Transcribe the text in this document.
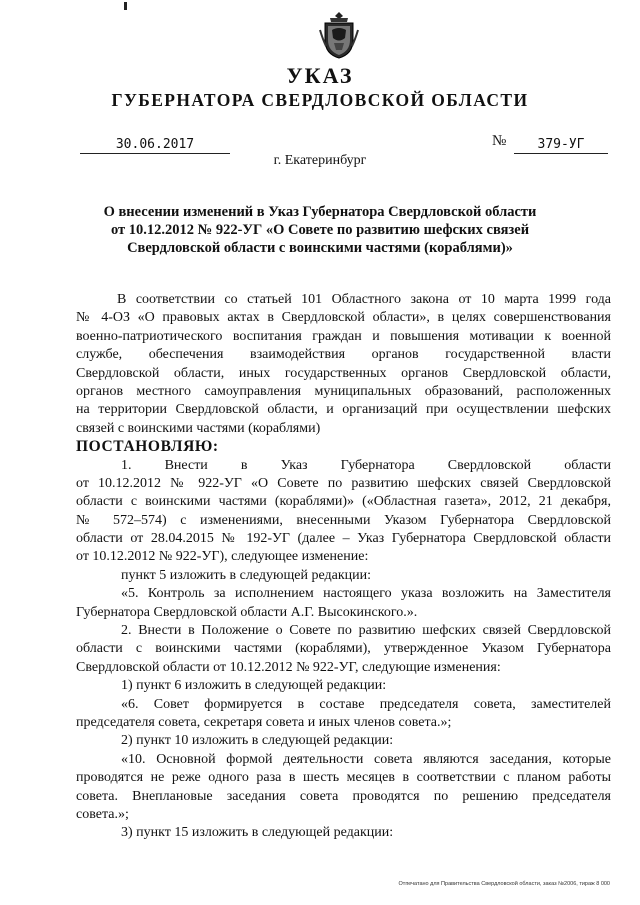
УКАЗ
ГУБЕРНАТОРА СВЕРДЛОВСКОЙ ОБЛАСТИ
30.06.2017	№	379-УГ
г. Екатеринбург
О внесении изменений в Указ Губернатора Свердловской области
от 10.12.2012 № 922-УГ «О Совете по развитию шефских связей
Свердловской области с воинскими частями (кораблями)»
В соответствии со статьей 101 Областного закона от 10 марта 1999 года
№ 4-ОЗ «О правовых актах в Свердловской области», в целях совершенствования
военно-патриотического воспитания граждан и повышения мотивации к военной
службе, обеспечения взаимодействия органов государственной власти
Свердловской области, иных государственных органов Свердловской области,
органов местного самоуправления муниципальных образований, расположенных
на территории Свердловской области, и организаций при осуществлении шефских
связей с воинскими частями (кораблями)
ПОСТАНОВЛЯЮ:
1. Внести в Указ Губернатора Свердловской области
от 10.12.2012 № 922-УГ «О Совете по развитию шефских связей Свердловской
области с воинскими частями (кораблями)» («Областная газета», 2012, 21 декабря,
№ 572–574) с изменениями, внесенными Указом Губернатора Свердловской
области от 28.04.2015 № 192-УГ (далее – Указ Губернатора Свердловской области
от 10.12.2012 № 922-УГ), следующее изменение:
пункт 5 изложить в следующей редакции:
«5. Контроль за исполнением настоящего указа возложить на Заместителя
Губернатора Свердловской области А.Г. Высокинского.».
2. Внести в Положение о Совете по развитию шефских связей Свердловской
области с воинскими частями (кораблями), утвержденное Указом Губернатора
Свердловской области от 10.12.2012 № 922-УГ, следующие изменения:
1) пункт 6 изложить в следующей редакции:
«6. Совет формируется в составе председателя совета, заместителей
председателя совета, секретаря совета и иных членов совета.»;
2) пункт 10 изложить в следующей редакции:
«10. Основной формой деятельности совета являются заседания, которые
проводятся не реже одного раза в шесть месяцев в соответствии с планом работы
совета. Внеплановые заседания совета проводятся по решению председателя
совета.»;
3) пункт 15 изложить в следующей редакции:
Отпечатано для Правительства Свердловской области, заказ №2006, тираж 8 000
